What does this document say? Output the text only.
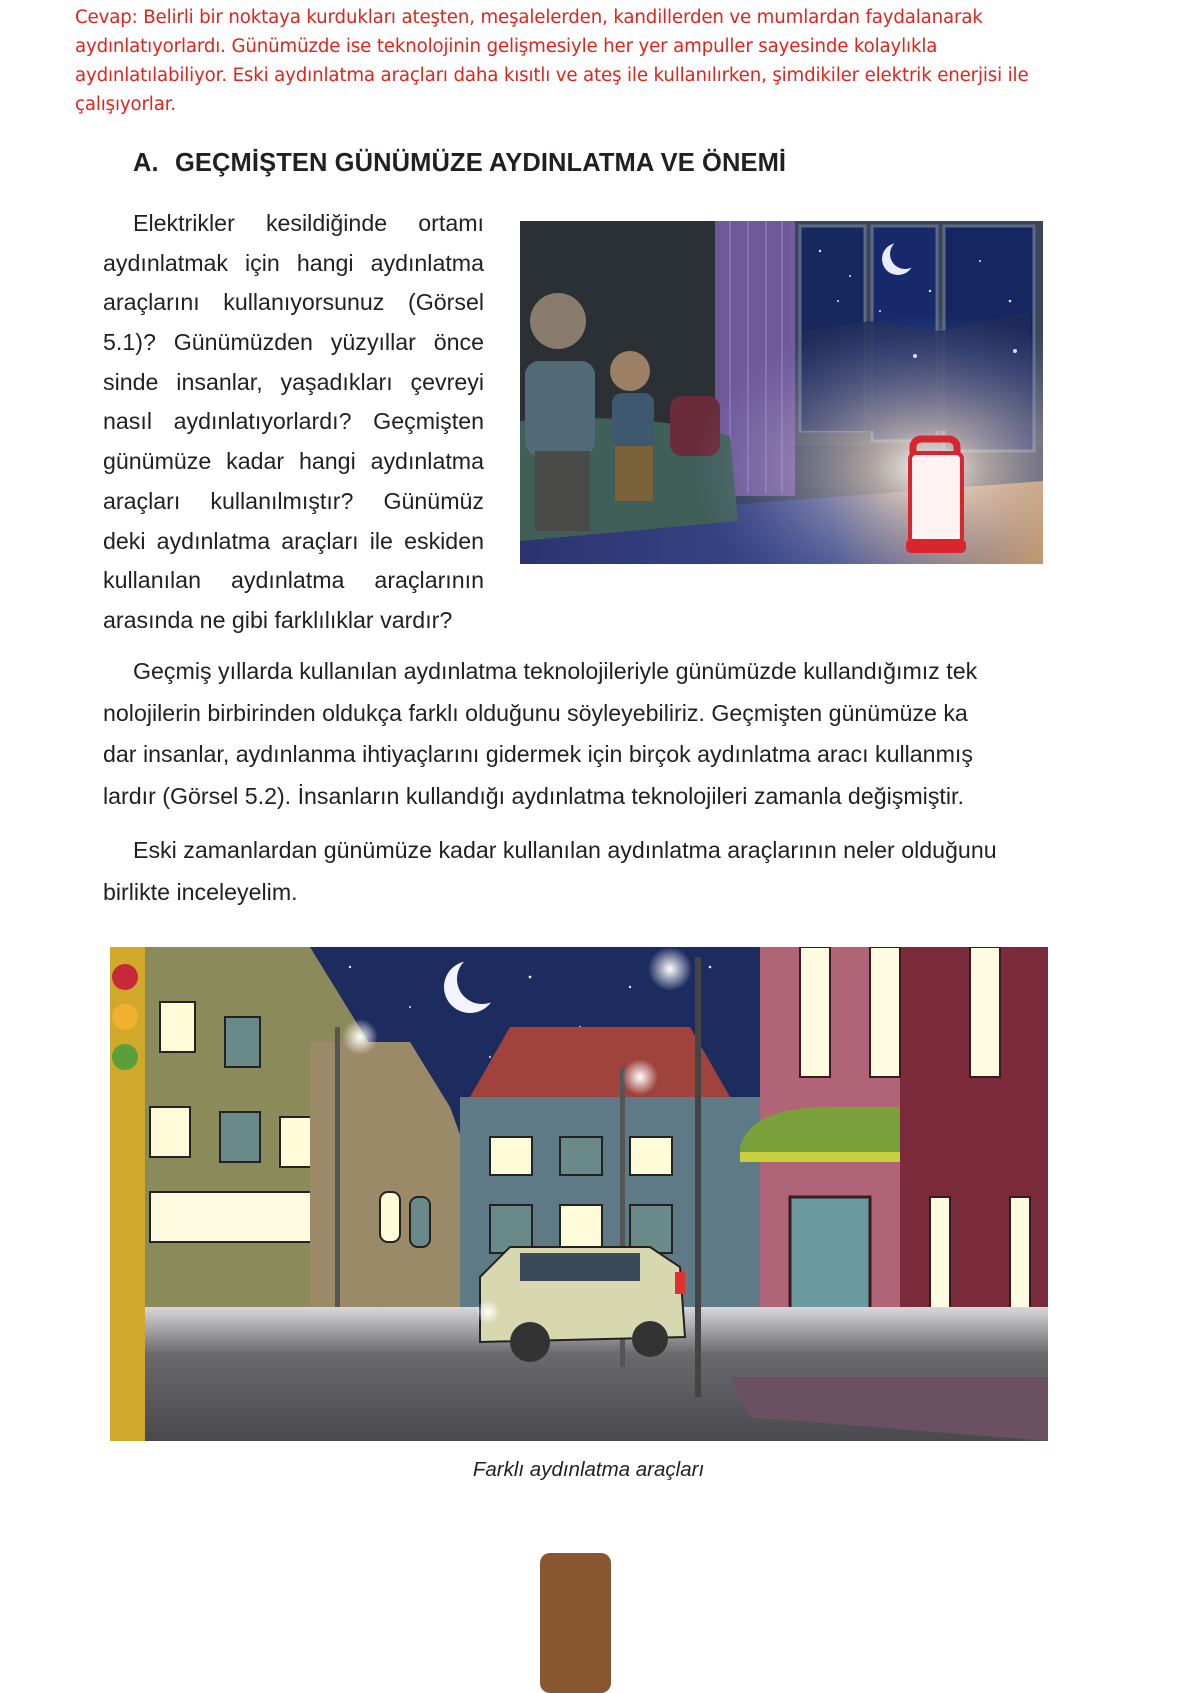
Cevap: Belirli bir noktaya kurdukları ateşten, meşalelerden, kandillerden ve mumlardan faydalanarak
aydınlatıyorlardı. Günümüzde ise teknolojinin gelişmesiyle her yer ampuller sayesinde kolaylıkla
aydınlatılabiliyor. Eski aydınlatma araçları daha kısıtlı ve ateş ile kullanılırken, şimdikiler elektrik enerjisi ile
çalışıyorlar.
A. GEÇMİŞTEN GÜNÜMÜZE AYDINLATMA VE ÖNEMİ
Elektrikler kesildiğinde ortamı
aydınlatmak için hangi aydınlatma
araçlarını kullanıyorsunuz (Görsel
5.1)? Günümüzden yüzyıllar önce
sinde insanlar, yaşadıkları çevreyi
nasıl aydınlatıyorlardı? Geçmişten
günümüze kadar hangi aydınlatma
araçları kullanılmıştır? Günümüz
deki aydınlatma araçları ile eskiden
kullanılan aydınlatma araçlarının
arasında ne gibi farklılıklar vardır?
Geçmiş yıllarda kullanılan aydınlatma teknolojileriyle günümüzde kullandığımız tek
nolojilerin birbirinden oldukça farklı olduğunu söyleyebiliriz. Geçmişten günümüze ka
dar insanlar, aydınlanma ihtiyaçlarını gidermek için birçok aydınlatma aracı kullanmış
lardır (Görsel 5.2). İnsanların kullandığı aydınlatma teknolojileri zamanla değişmiştir.
Eski zamanlardan günümüze kadar kullanılan aydınlatma araçlarının neler olduğunu
birlikte inceleyelim.
Farklı aydınlatma araçları
